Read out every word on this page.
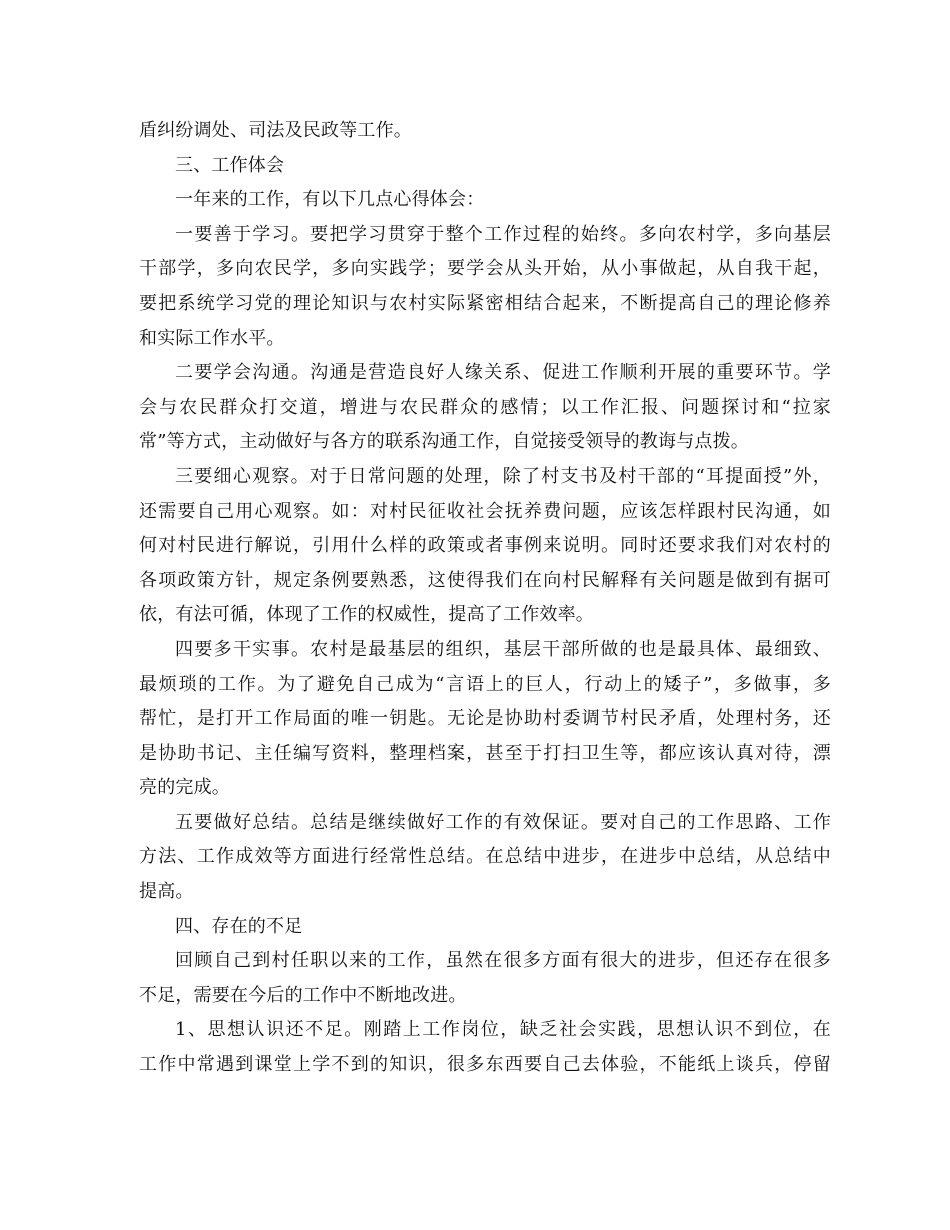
盾纠纷调处、司法及民政等工作。
三、工作体会
一年来的工作，有以下几点心得体会：
一要善于学习。要把学习贯穿于整个工作过程的始终。多向农村学，多向基层
干部学，多向农民学，多向实践学；要学会从头开始，从小事做起，从自我干起，
要把系统学习党的理论知识与农村实际紧密相结合起来，不断提高自己的理论修养
和实际工作水平。
二要学会沟通。沟通是营造良好人缘关系、促进工作顺利开展的重要环节。学
会与农民群众打交道，增进与农民群众的感情；以工作汇报、问题探讨和“拉家
常”等方式，主动做好与各方的联系沟通工作，自觉接受领导的教诲与点拨。
三要细心观察。对于日常问题的处理，除了村支书及村干部的“耳提面授”外，
还需要自己用心观察。如：对村民征收社会抚养费问题，应该怎样跟村民沟通，如
何对村民进行解说，引用什么样的政策或者事例来说明。同时还要求我们对农村的
各项政策方针，规定条例要熟悉，这使得我们在向村民解释有关问题是做到有据可
依，有法可循，体现了工作的权威性，提高了工作效率。
四要多干实事。农村是最基层的组织，基层干部所做的也是最具体、最细致、
最烦琐的工作。为了避免自己成为“言语上的巨人，行动上的矮子”，多做事，多
帮忙，是打开工作局面的唯一钥匙。无论是协助村委调节村民矛盾，处理村务，还
是协助书记、主任编写资料，整理档案，甚至于打扫卫生等，都应该认真对待，漂
亮的完成。
五要做好总结。总结是继续做好工作的有效保证。要对自己的工作思路、工作
方法、工作成效等方面进行经常性总结。在总结中进步，在进步中总结，从总结中
提高。
四、存在的不足
回顾自己到村任职以来的工作，虽然在很多方面有很大的进步，但还存在很多
不足，需要在今后的工作中不断地改进。
1、思想认识还不足。刚踏上工作岗位，缺乏社会实践，思想认识不到位，在
工作中常遇到课堂上学不到的知识，很多东西要自己去体验，不能纸上谈兵，停留
